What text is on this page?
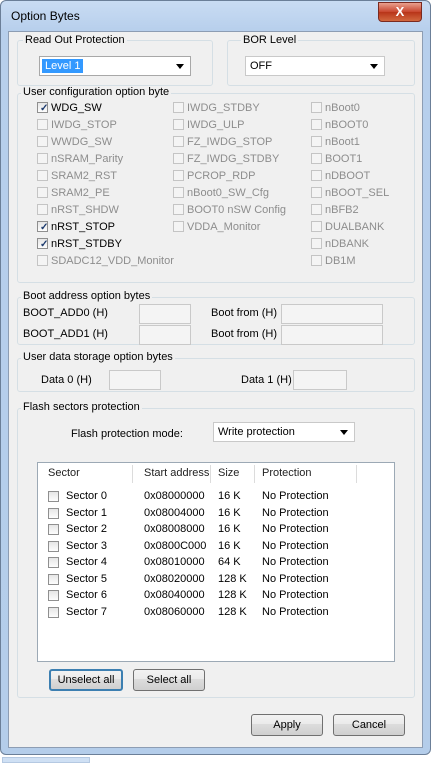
Option Bytes	X
Read Out Protection
Level 1
BOR Level
OFF
User configuration option byte
✓ WDG_SW
IWDG_STOP
WWDG_SW
nSRAM_Parity
SRAM2_RST
SRAM2_PE
nRST_SHDW
✓ nRST_STOP
✓ nRST_STDBY
SDADC12_VDD_Monitor
IWDG_STDBY
IWDG_ULP
FZ_IWDG_STOP
FZ_IWDG_STDBY
PCROP_RDP
nBoot0_SW_Cfg
BOOT0 nSW Config
VDDA_Monitor
nBoot0
nBOOT0
nBoot1
BOOT1
nDBOOT
nBOOT_SEL
nBFB2
DUALBANK
nDBANK
DB1M
Boot address option bytes
BOOT_ADD0 (H)	Boot from (H)
BOOT_ADD1 (H)	Boot from (H)
User data storage option bytes
Data 0 (H)	Data 1 (H)
Flash sectors protection
Flash protection mode:	Write protection
Sector	Start address Size Protection
Sector 0	0x08000000 16 K No Protection
Sector 1	0x08004000 16 K No Protection
Sector 2	0x08008000 16 K No Protection
Sector 3	0x0800C000 16 K No Protection
Sector 4	0x08010000 64 K No Protection
Sector 5	0x08020000 128 K No Protection
Sector 6	0x08040000 128 K No Protection
Sector 7	0x08060000 128 K No Protection
Unselect all	Select all
Apply	Cancel
